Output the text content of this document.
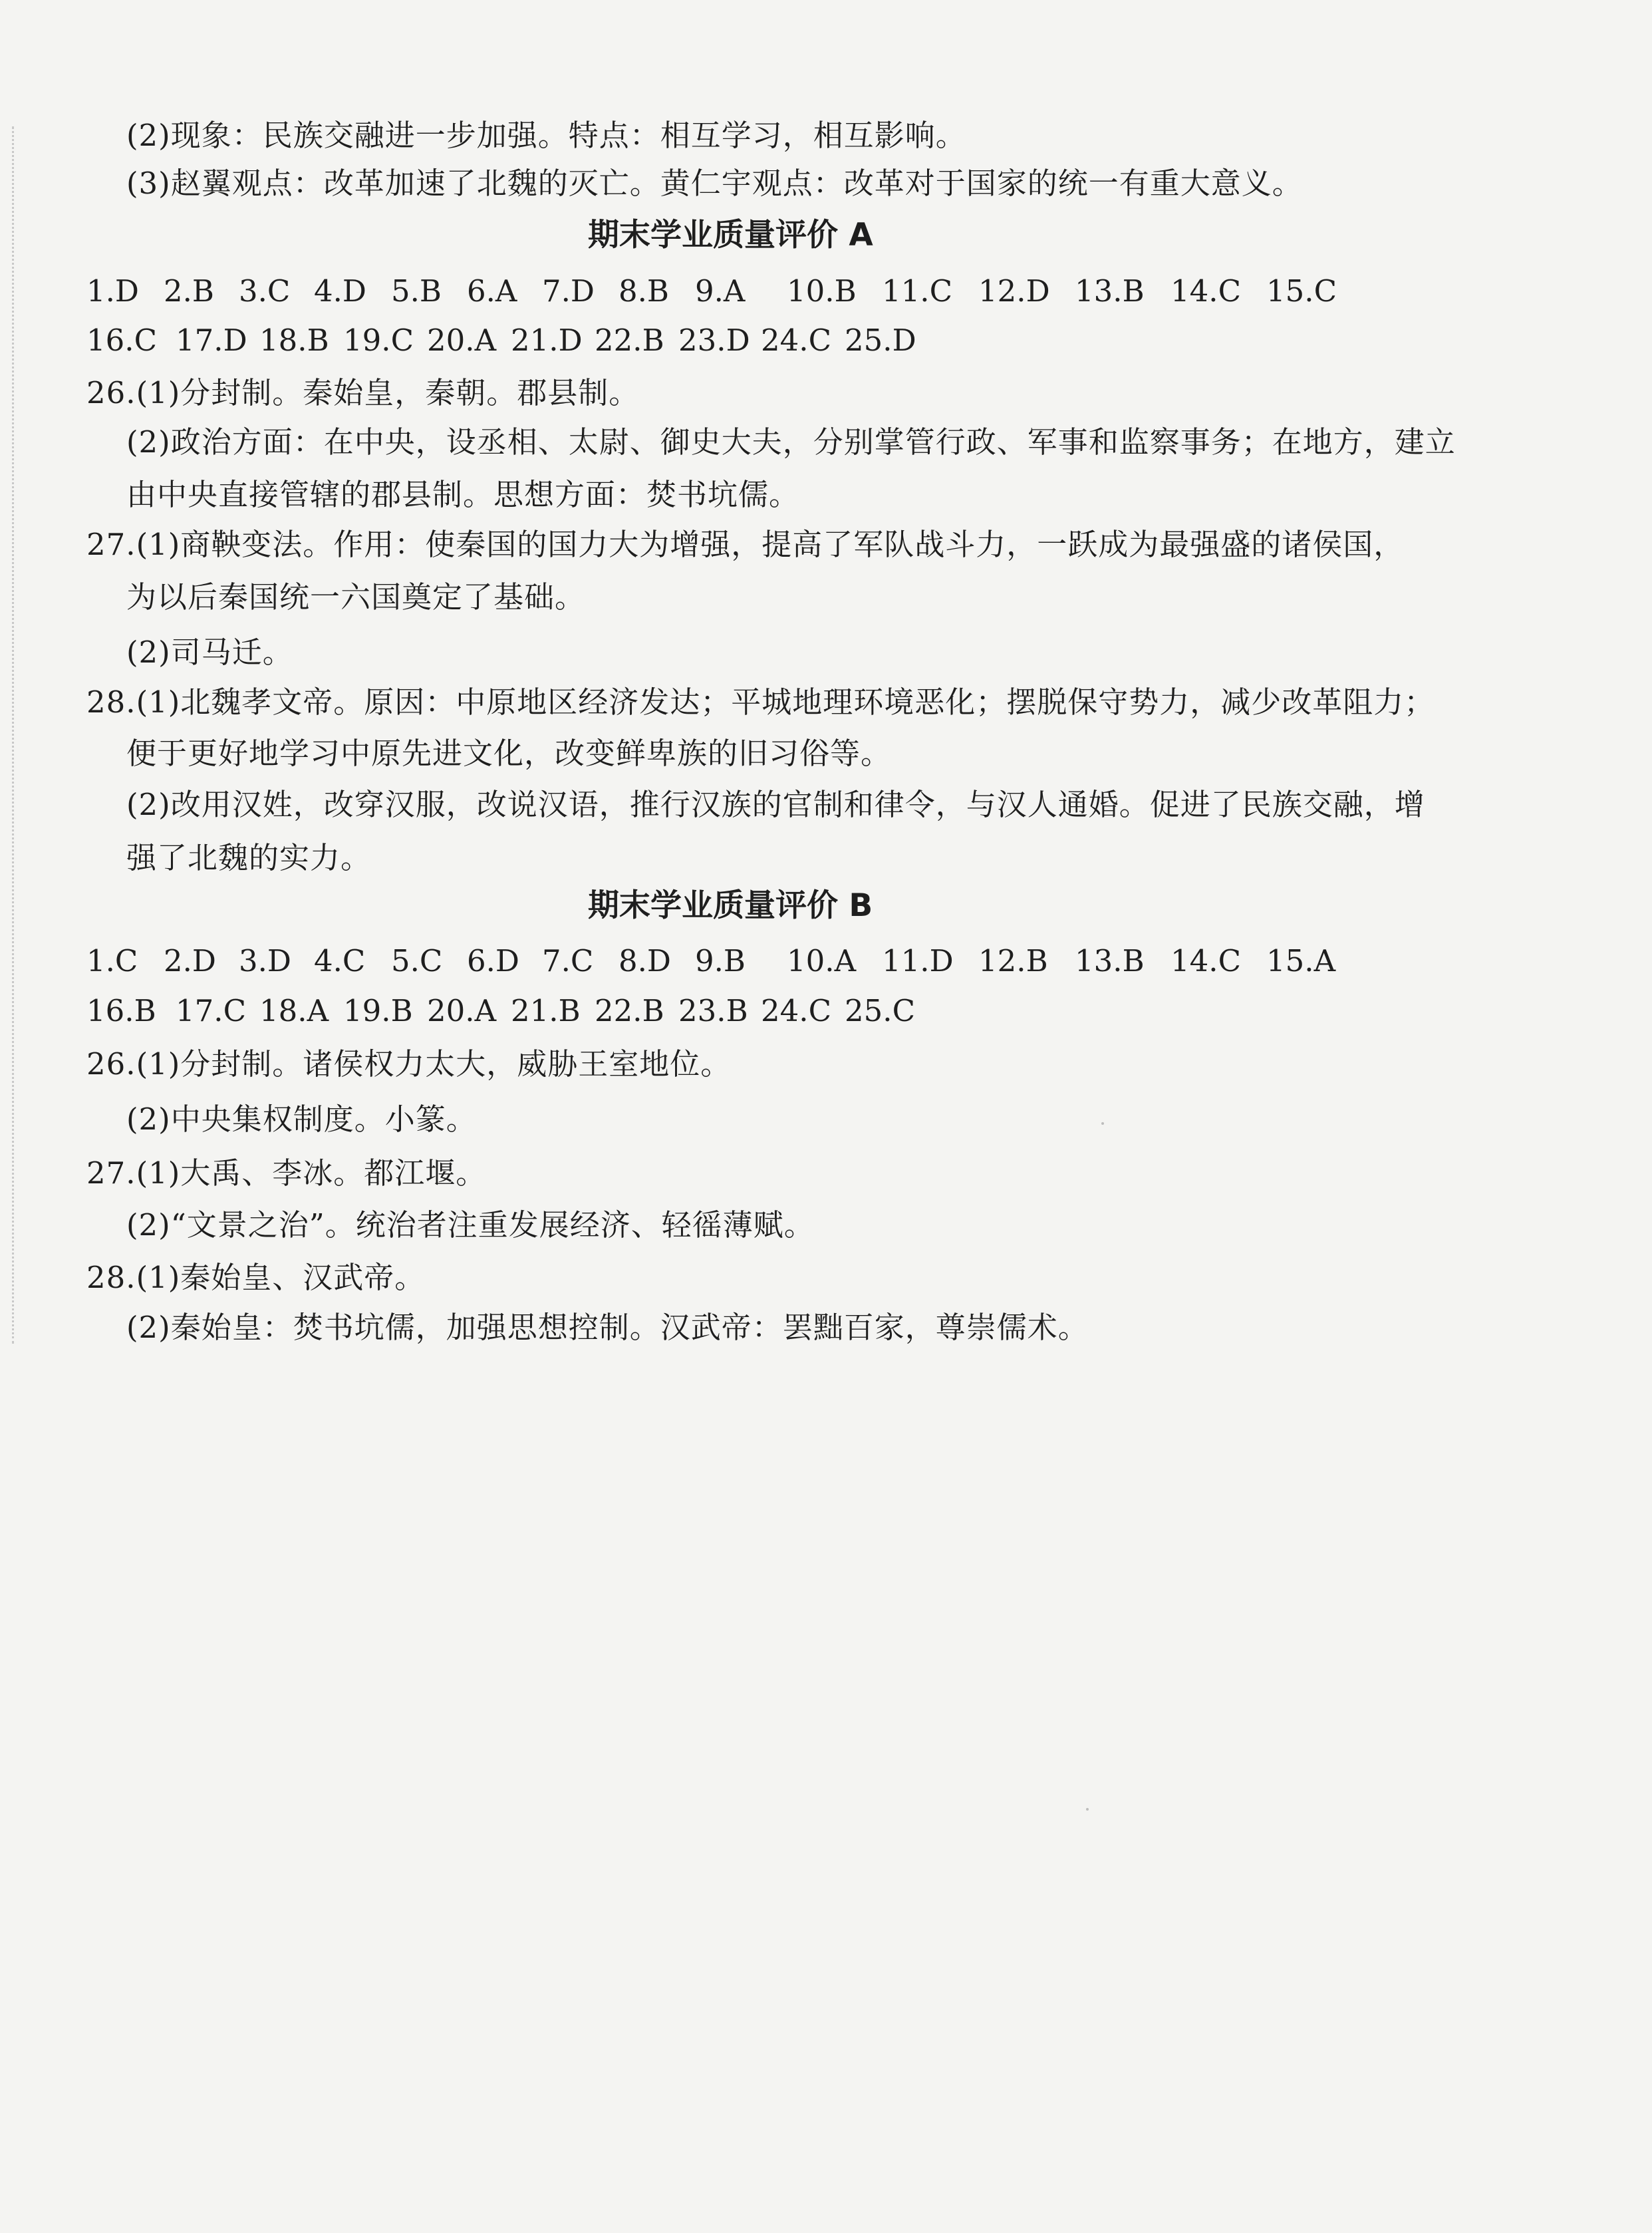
(2)现象：民族交融进一步加强。特点：相互学习，相互影响。
(3)赵翼观点：改革加速了北魏的灭亡。黄仁宇观点：改革对于国家的统一有重大意义。
期末学业质量评价 A
1.D 2.B 3.C 4.D 5.B 6.A 7.D 8.B 9.A 10.B 11.C 12.D 13.B 14.C 15.C
16.C 17.D 18.B 19.C 20.A 21.D 22.B 23.D 24.C 25.D
26.(1)分封制。秦始皇，秦朝。郡县制。
(2)政治方面：在中央，设丞相、太尉、御史大夫，分别掌管行政、军事和监察事务；在地方，建立
由中央直接管辖的郡县制。思想方面：焚书坑儒。
27.(1)商鞅变法。作用：使秦国的国力大为增强，提高了军队战斗力，一跃成为最强盛的诸侯国，
为以后秦国统一六国奠定了基础。
(2)司马迁。
28.(1)北魏孝文帝。原因：中原地区经济发达；平城地理环境恶化；摆脱保守势力，减少改革阻力；
便于更好地学习中原先进文化，改变鲜卑族的旧习俗等。
(2)改用汉姓，改穿汉服，改说汉语，推行汉族的官制和律令，与汉人通婚。促进了民族交融，增
强了北魏的实力。
期末学业质量评价 B
1.C 2.D 3.D 4.C 5.C 6.D 7.C 8.D 9.B 10.A 11.D 12.B 13.B 14.C 15.A
16.B 17.C 18.A 19.B 20.A 21.B 22.B 23.B 24.C 25.C
26.(1)分封制。诸侯权力太大，威胁王室地位。
(2)中央集权制度。小篆。
27.(1)大禹、李冰。都江堰。
(2)“文景之治”。统治者注重发展经济、轻徭薄赋。
28.(1)秦始皇、汉武帝。
(2)秦始皇：焚书坑儒，加强思想控制。汉武帝：罢黜百家，尊崇儒术。
